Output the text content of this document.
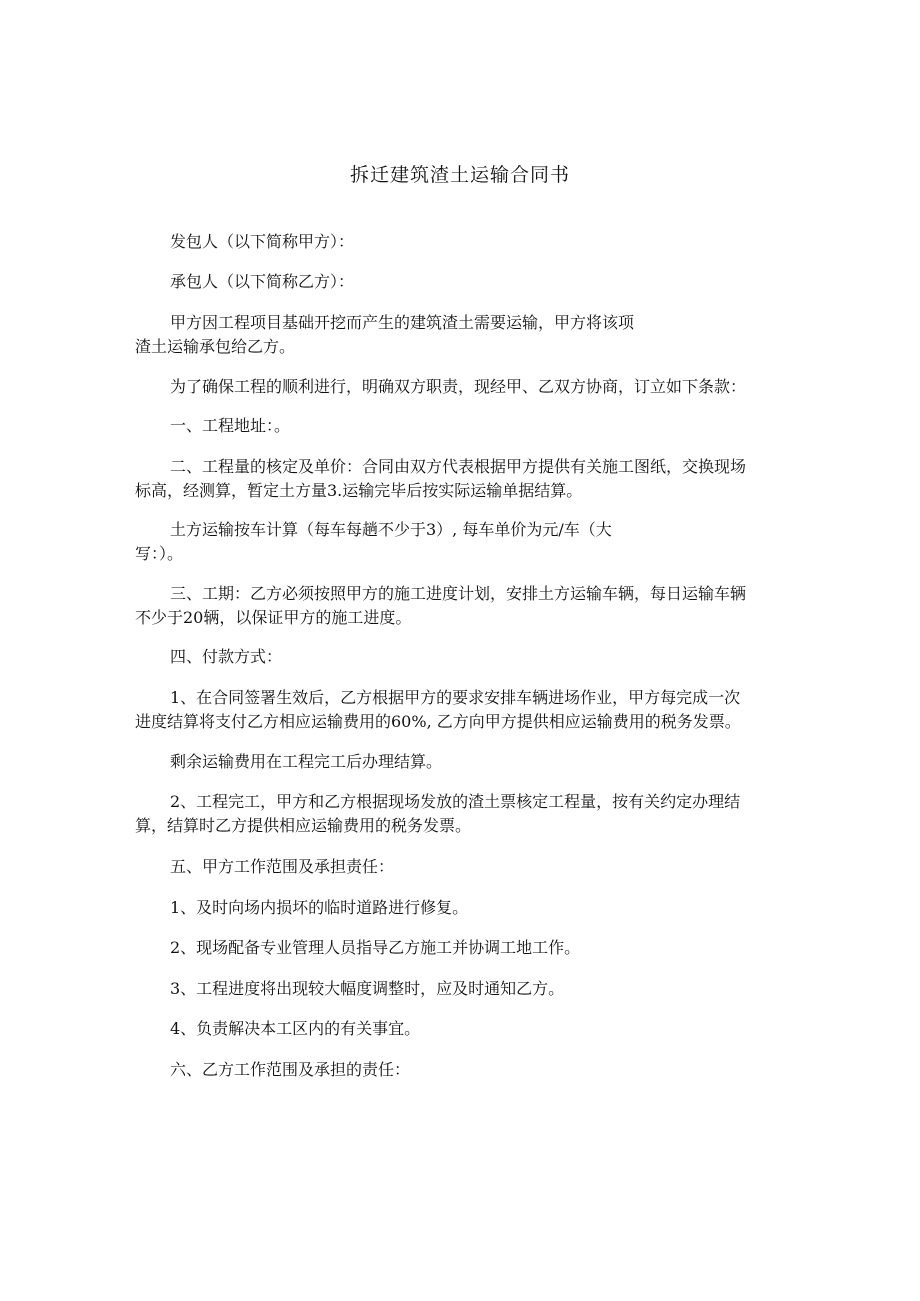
拆迁建筑渣土运输合同书
发包人（以下简称甲方）：
承包人（以下简称乙方）：
甲方因工程项目基础开挖而产生的建筑渣土需要运输，甲方将该项
渣土运输承包给乙方。
为了确保工程的顺利进行，明确双方职责，现经甲、乙双方协商，订立如下条款：
一、工程地址：。
二、工程量的核定及单价：合同由双方代表根据甲方提供有关施工图纸，交换现场
标高，经测算，暂定土方量3.运输完毕后按实际运输单据结算。
土方运输按车计算（每车每趟不少于3）, 每车单价为元/车（大
写：）。
三、工期：乙方必须按照甲方的施工进度计划，安排土方运输车辆，每日运输车辆
不少于20辆，以保证甲方的施工进度。
四、付款方式：
1、在合同签署生效后，乙方根据甲方的要求安排车辆进场作业，甲方每完成一次
进度结算将支付乙方相应运输费用的60%, 乙方向甲方提供相应运输费用的税务发票。
剩余运输费用在工程完工后办理结算。
2、工程完工，甲方和乙方根据现场发放的渣土票核定工程量，按有关约定办理结
算，结算时乙方提供相应运输费用的税务发票。
五、甲方工作范围及承担责任：
1、及时向场内损坏的临时道路进行修复。
2、现场配备专业管理人员指导乙方施工并协调工地工作。
3、工程进度将出现较大幅度调整时，应及时通知乙方。
4、负责解决本工区内的有关事宜。
六、乙方工作范围及承担的责任：
